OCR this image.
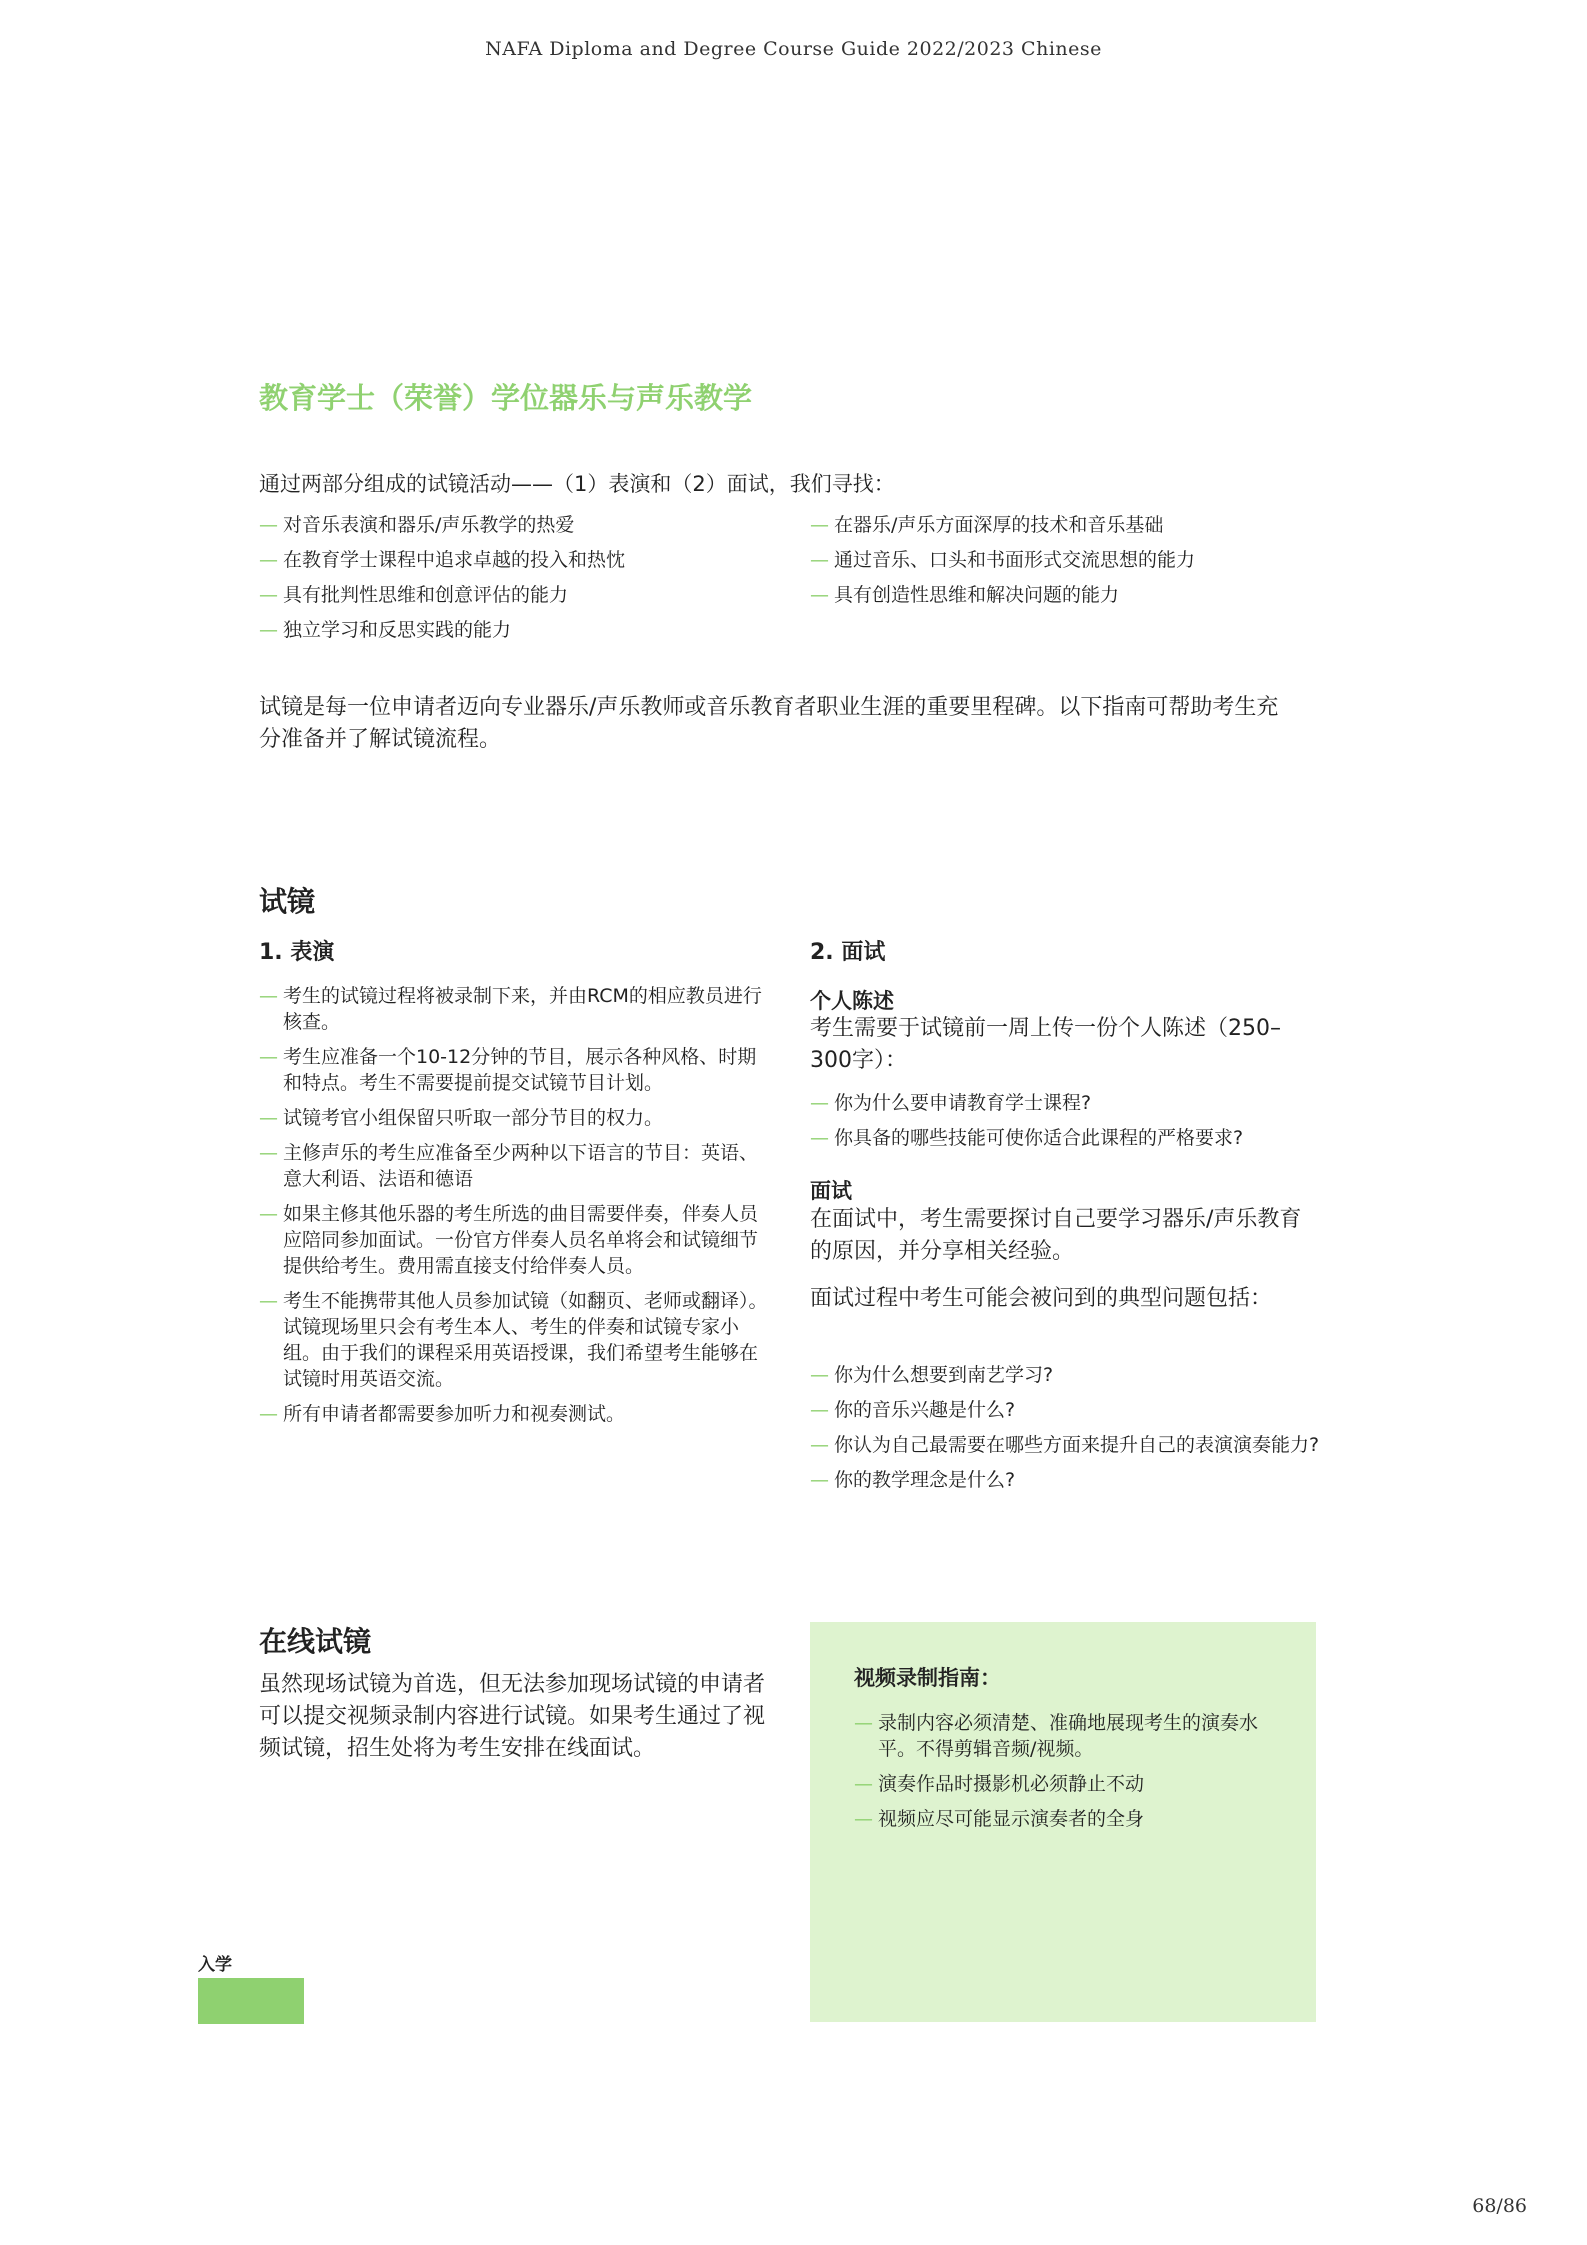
NAFA Diploma and Degree Course Guide 2022/2023 Chinese
教育学士（荣誉）学位器乐与声乐教学
通过两部分组成的试镜活动——（1）表演和（2）面试，我们寻找：
— 对音乐表演和器乐/声乐教学的热爱
— 在教育学士课程中追求卓越的投入和热忱
— 具有批判性思维和创意评估的能力
— 独立学习和反思实践的能力
— 在器乐/声乐方面深厚的技术和音乐基础
— 通过音乐、口头和书面形式交流思想的能力
— 具有创造性思维和解决问题的能力
试镜是每一位申请者迈向专业器乐/声乐教师或音乐教育者职业生涯的重要里程碑。以下指南可帮助考生充分准备并了解试镜流程。
试镜
1. 表演
— 考生的试镜过程将被录制下来，并由RCM的相应教员进行核查。
— 考生应准备一个10-12分钟的节目，展示各种风格、时期和特点。考生不需要提前提交试镜节目计划。
— 试镜考官小组保留只听取一部分节目的权力。
— 主修声乐的考生应准备至少两种以下语言的节目：英语、意大利语、法语和德语
— 如果主修其他乐器的考生所选的曲目需要伴奏，伴奏人员应陪同参加面试。一份官方伴奏人员名单将会和试镜细节提供给考生。费用需直接支付给伴奏人员。
— 考生不能携带其他人员参加试镜（如翻页、老师或翻译）。试镜现场里只会有考生本人、考生的伴奏和试镜专家小组。由于我们的课程采用英语授课，我们希望考生能够在试镜时用英语交流。
— 所有申请者都需要参加听力和视奏测试。
2. 面试
个人陈述
考生需要于试镜前一周上传一份个人陈述（250–300字）：
— 你为什么要申请教育学士课程?
— 你具备的哪些技能可使你适合此课程的严格要求?
面试
在面试中，考生需要探讨自己要学习器乐/声乐教育的原因，并分享相关经验。
面试过程中考生可能会被问到的典型问题包括：
— 你为什么想要到南艺学习?
— 你的音乐兴趣是什么?
— 你认为自己最需要在哪些方面来提升自己的表演演奏能力?
— 你的教学理念是什么?
在线试镜
虽然现场试镜为首选，但无法参加现场试镜的申请者可以提交视频录制内容进行试镜。如果考生通过了视频试镜，招生处将为考生安排在线面试。
视频录制指南：
— 录制内容必须清楚、准确地展现考生的演奏水平。不得剪辑音频/视频。
— 演奏作品时摄影机必须静止不动
— 视频应尽可能显示演奏者的全身
入学
68/86
